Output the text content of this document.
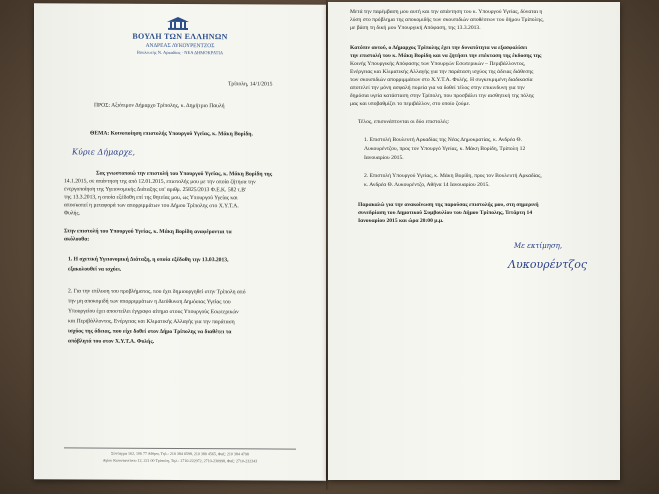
ΒΟΥΛΗ ΤΩΝ ΕΛΛΗΝΩΝ
ΑΝΔΡΕΑΣ ΛΥΚΟΥΡΕΝΤΖΟΣ
Βουλευτής Ν. Αρκαδίας · ΝΕΑ ΔΗΜΟΚΡΑΤΙΑ
Τρίπολη, 14/1/2015
ΠΡΟΣ: Αξιότιμον Δήμαρχο Τρίπολης, κ. Δημήτριο Παυλή
ΘΕΜΑ: Κοινοποίηση επιστολής Υπουργού Υγείας, κ. Μάκη Βορίδη.
Κύριε Δήμαρχε,
Σας γνωστοποιώ την επιστολή του Υπουργού Υγείας, κ. Μάκη Βορίδη της
14.1.2015, σε απάντηση της από 12.01.2015, επιστολής μου με την οποία ζήτησα την
ενεργοποίηση της Υγειονομικής Διάταξης υπ' αριθμ. 25825/2013 Φ.Ε.Κ. 582 τ.Β'
της 13.3.2013, η οποία εξέδοθη επί της θητείας μου, ως Υπουργού Υγείας και
αποσκοπεί η μεταφορά των απορριμμάτων του Δήμου Τρίπολης στο Χ.Υ.Τ.Α.
Φυλής.
Στην επιστολή του Υπουργού Υγείας, κ. Μάκη Βορίδη αναφέρονται τα
ακόλουθα:
1. Η σχετική Υγειονομική Διάταξη, η οποία εξέδοθη την 13.03.2013,
εξακολουθεί να ισχύει.
2. Για την επίλυση του προβλήματος, που έχει δημιουργηθεί στην Τρίπολη από
την μη αποκομιδή των απορριμμάτων η Διεύθυνση Δημόσιας Υγείας του
Υπουργείου έχει αποστείλει έγγραφο αίτημα στους Υπουργούς Εσωτερικών
και Περιβάλλοντος, Ενέργειας και Κλιματικής Αλλαγής για την παράταση
ισχύος της άδειας, που είχε δοθεί στον Δήμο Τρίπολης να διαθέτει τα
απόβλητά του στον Χ.Υ.Τ.Α. Φυλής.
Σύνταγμα 162, 106 77 Αθήνα, Τηλ.: 210 384 0598, 210 380 4565, Φαξ: 210 384 4798
Αγίου Κωνσταντίνου 12, 221 00 Τρίπολη, Τηλ.: 2710-222972, 2710-230998, Φαξ: 2710-232343
Μετά την παρέμβαση μου αυτή και την απάντηση του κ. Υπουργού Υγείας, δύναται η
λύση στο πρόβλημα της αποκομιδής των σκουπιδιών αποθέσεων του δήμου Τρίπολης,
με βάση τη δική μου Υπουργική Απόφαση, της 13.3.2013.
Κατόπιν αυτού, ο Δήμαρχος Τρίπολης έχει την δυνατότητα να εξασφαλίσει
την επιστολή του κ. Μάκη Βορίδη και να ζητήσει την επέκταση της έκδοσης της
Κοινής Υπουργικής Απόφασης των Υπουργών Εσωτερικών – Περιβάλλοντος,
Ενέργειας και Κλιματικής Αλλαγής για την παράταση ισχύος της άδειας διάθεσης
των σκουπιδιών απορριμμάτων στο Χ.Υ.Τ.Α. Φυλής. Η συγκεκριμένη διαδικασία
αποτελεί την μόνη ασφαλή πορεία για να δοθεί τέλος στην επικινδυνη για την
δημόσια υγεία κατάσταση στην Τρίπολη, που προσβάλει την αισθητική της πόλης
μας και υποβαθμίζει το περιβάλλον, στο οποίο ζούμε.
Τέλος, επισυνάπτονται οι δύο επιστολές:
1. Επιστολή Βουλευτή Αρκαδίας της Νέας Δημοκρατίας, κ. Ανδρέα Θ.
Λυκουρέντζου, προς τον Υπουργό Υγείας, κ. Μάκη Βορίδη, Τρίπολη 12
Ιανουαρίου 2015.
2. Επιστολή Υπουργού Υγείας, κ. Μάκη Βορίδη, προς τον Βουλευτή Αρκαδίας,
κ. Ανδρέα Θ. Λυκουρέντζο, Αθήνα 14 Ιανουαρίου 2015.
Παρακαλώ για την ανακοίνωση της παρούσας επιστολής μου, στη σημερινή
συνεδρίαση του Δημοτικού Συμβουλίου του Δήμου Τρίπολης, Τετάρτη 14
Ιανουαρίου 2015 και ώρα 20:00 μ.μ.
Με εκτίμηση,
Λυκουρέντζος
